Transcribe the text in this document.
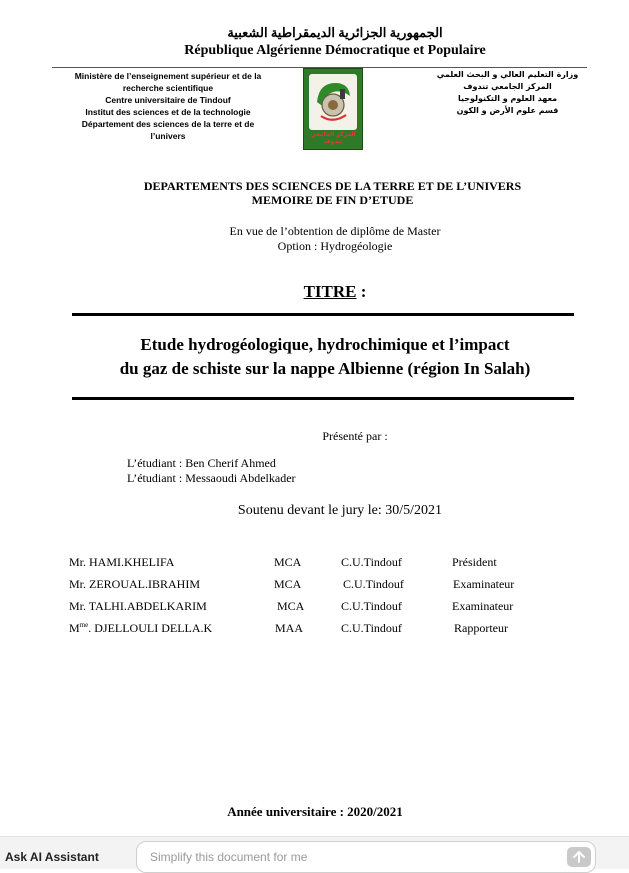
الجمهورية الجزائرية الديمقراطية الشعبية
République Algérienne Démocratique et Populaire
Ministère de l’enseignement supérieur et de la
recherche scientifique
Centre universitaire de Tindouf
Institut des sciences et de la technologie
Département des sciences de la terre et de
l’univers	المركز الجامعي تندوف
وزارة التعليم العالي و البحث العلمي
المركز الجامعي تندوف
معهد العلوم و التكنولوجيا
قسم علوم الأرض و الكون
DEPARTEMENTS DES SCIENCES DE LA TERRE ET DE L’UNIVERS
MEMOIRE DE FIN D’ETUDE
En vue de l’obtention de diplôme de Master
Option : Hydrogéologie
TITRE :
Etude hydrogéologique, hydrochimique et l’impact
du gaz de schiste sur la nappe Albienne (région In Salah)
Présenté par :
L’étudiant : Ben Cherif Ahmed
L’étudiant : Messaoudi Abdelkader
Soutenu devant le jury le: 30/5/2021
Mr. HAMI.KHELIFA	MCA	C.U.Tindouf	Président
Mr. ZEROUAL.IBRAHIM	MCA	C.U.Tindouf	Examinateur
Mr. TALHI.ABDELKARIM	MCA	C.U.Tindouf	Examinateur
$M^{me}$. DJELLOULI DELLA.K	MAA	C.U.Tindouf	Rapporteur
Année universitaire : 2020/2021
Ask AI Assistant
Simplify this document for me
